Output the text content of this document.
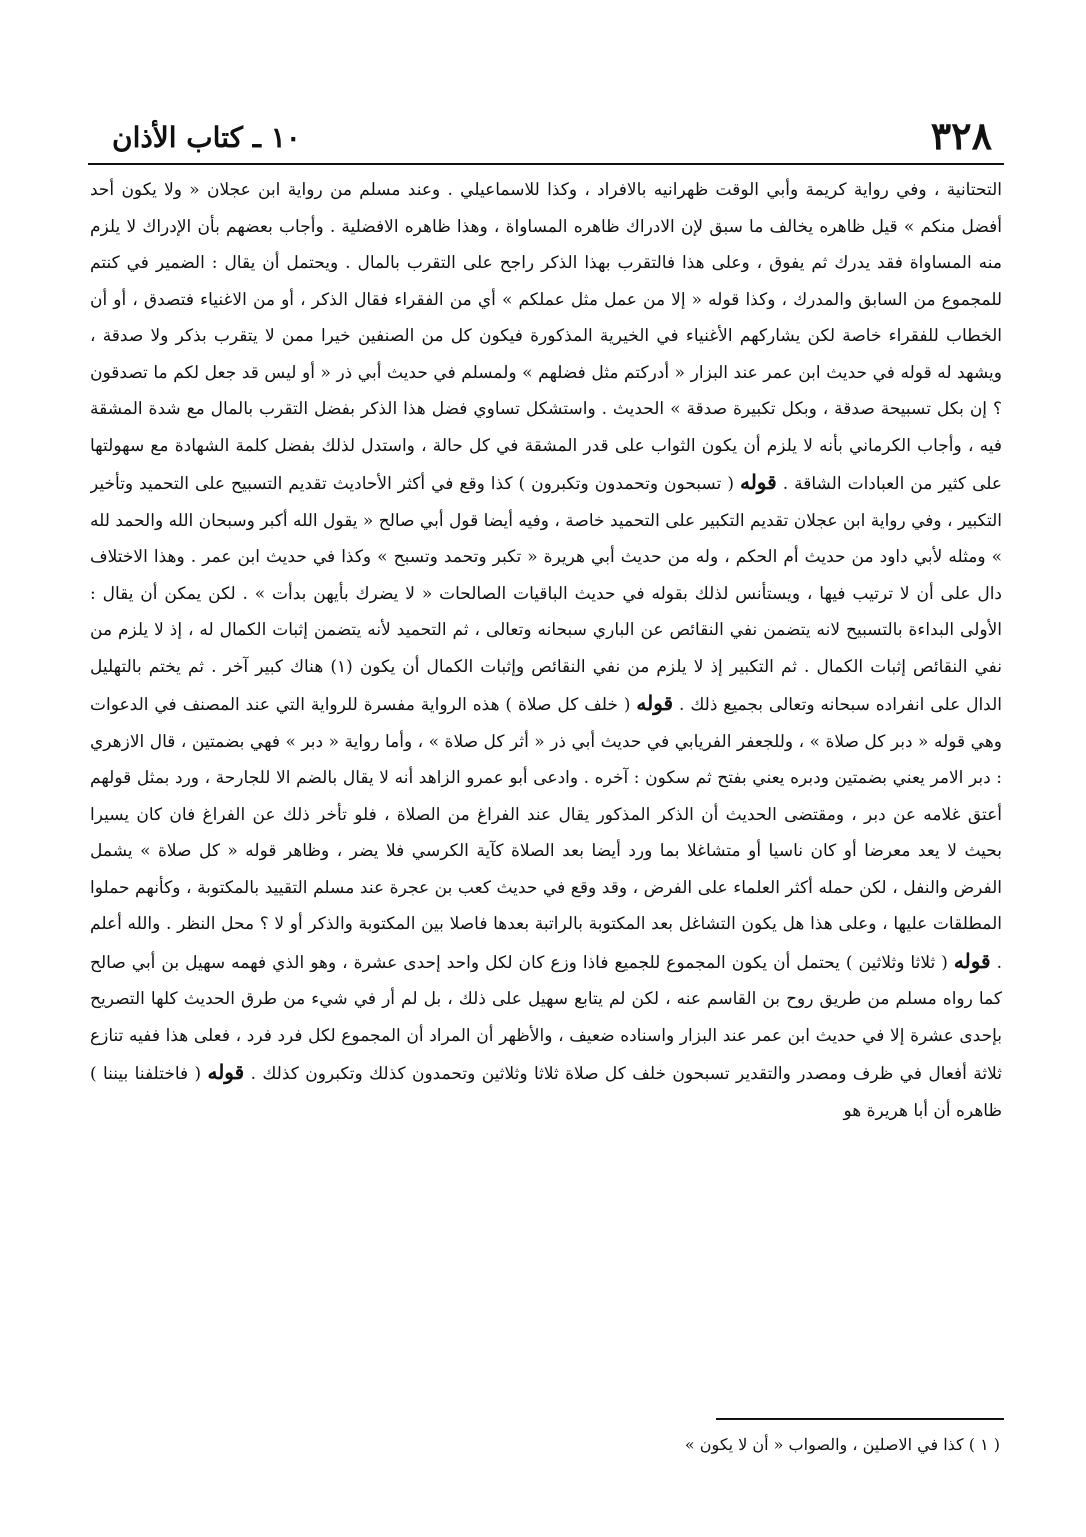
٣٢٨
١٠ ـ كتاب الأذان

التحتانية ، وفي رواية كريمة وأبي الوقت ظهرانيه بالافراد ، وكذا للاسماعيلي . وعند مسلم من رواية ابن عجلان « ولا يكون أحد أفضل منكم » قيل ظاهره يخالف ما سبق لإن الادراك ظاهره المساواة ، وهذا ظاهره الافضلية . وأجاب بعضهم بأن الإدراك لا يلزم منه المساواة فقد يدرك ثم يفوق ، وعلى هذا فالتقرب بهذا الذكر راجح على التقرب بالمال . ويحتمل أن يقال : الضمير في كنتم للمجموع من السابق والمدرك ، وكذا قوله « إلا من عمل مثل عملكم » أي من الفقراء فقال الذكر ، أو من الاغنياء فتصدق ، أو أن الخطاب للفقراء خاصة لكن يشاركهم الأغنياء في الخيرية المذكورة فيكون كل من الصنفين خيرا ممن لا يتقرب بذكر ولا صدقة ، ويشهد له قوله في حديث ابن عمر عند البزار « أدركتم مثل فضلهم » ولمسلم في حديث أبي ذر « أو ليس قد جعل لكم ما تصدقون ؟ إن بكل تسبيحة صدقة ، وبكل تكبيرة صدقة » الحديث . واستشكل تساوي فضل هذا الذكر بفضل التقرب بالمال مع شدة المشقة فيه ، وأجاب الكرماني بأنه لا يلزم أن يكون الثواب على قدر المشقة في كل حالة ، واستدل لذلك بفضل كلمة الشهادة مع سهولتها على كثير من العبادات الشاقة . قوله ( تسبحون وتحمدون وتكبرون ) كذا وقع في أكثر الأحاديث تقديم التسبيح على التحميد وتأخير التكبير ، وفي رواية ابن عجلان تقديم التكبير على التحميد خاصة ، وفيه أيضا قول أبي صالح « يقول الله أكبر وسبحان الله والحمد لله » ومثله لأبي داود من حديث أم الحكم ، وله من حديث أبي هريرة « تكبر وتحمد وتسبح » وكذا في حديث ابن عمر . وهذا الاختلاف دال على أن لا ترتيب فيها ، ويستأنس لذلك بقوله في حديث الباقيات الصالحات « لا يضرك بأيهن بدأت » . لكن يمكن أن يقال : الأولى البداءة بالتسبيح لانه يتضمن نفي النقائص عن الباري سبحانه وتعالى ، ثم التحميد لأنه يتضمن إثبات الكمال له ، إذ لا يلزم من نفي النقائص إثبات الكمال . ثم التكبير إذ لا يلزم من نفي النقائص وإثبات الكمال أن يكون (١) هناك كبير آخر . ثم يختم بالتهليل الدال على انفراده سبحانه وتعالى بجميع ذلك . قوله ( خلف كل صلاة ) هذه الرواية مفسرة للرواية التي عند المصنف في الدعوات وهي قوله « دبر كل صلاة » ، وللجعفر الفريابي في حديث أبي ذر « أثر كل صلاة » ، وأما رواية « دبر » فهي بضمتين ، قال الازهري : دبر الامر يعني بضمتين ودبره يعني بفتح ثم سكون : آخره . وادعى أبو عمرو الزاهد أنه لا يقال بالضم الا للجارحة ، ورد بمثل قولهم أعتق غلامه عن دبر ، ومقتضى الحديث أن الذكر المذكور يقال عند الفراغ من الصلاة ، فلو تأخر ذلك عن الفراغ فان كان يسيرا بحيث لا يعد معرضا أو كان ناسيا أو متشاغلا بما ورد أيضا بعد الصلاة كآية الكرسي فلا يضر ، وظاهر قوله « كل صلاة » يشمل الفرض والنفل ، لكن حمله أكثر العلماء على الفرض ، وقد وقع في حديث كعب بن عجرة عند مسلم التقييد بالمكتوبة ، وكأنهم حملوا المطلقات عليها ، وعلى هذا هل يكون التشاغل بعد المكتوبة بالراتبة بعدها فاصلا بين المكتوبة والذكر أو لا ؟ محل النظر . والله أعلم . قوله ( ثلاثا وثلاثين ) يحتمل أن يكون المجموع للجميع فاذا وزع كان لكل واحد إحدى عشرة ، وهو الذي فهمه سهيل بن أبي صالح كما رواه مسلم من طريق روح بن القاسم عنه ، لكن لم يتابع سهيل على ذلك ، بل لم أر في شيء من طرق الحديث كلها التصريح بإحدى عشرة إلا في حديث ابن عمر عند البزار واسناده ضعيف ، والأظهر أن المراد أن المجموع لكل فرد فرد ، فعلى هذا ففيه تنازع ثلاثة أفعال في ظرف ومصدر والتقدير تسبحون خلف كل صلاة ثلاثا وثلاثين وتحمدون كذلك وتكبرون كذلك . قوله ( فاختلفنا بيننا ) ظاهره أن أبا هريرة هو

( ١ ) كذا في الاصلين ، والصواب « أن لا يكون »
